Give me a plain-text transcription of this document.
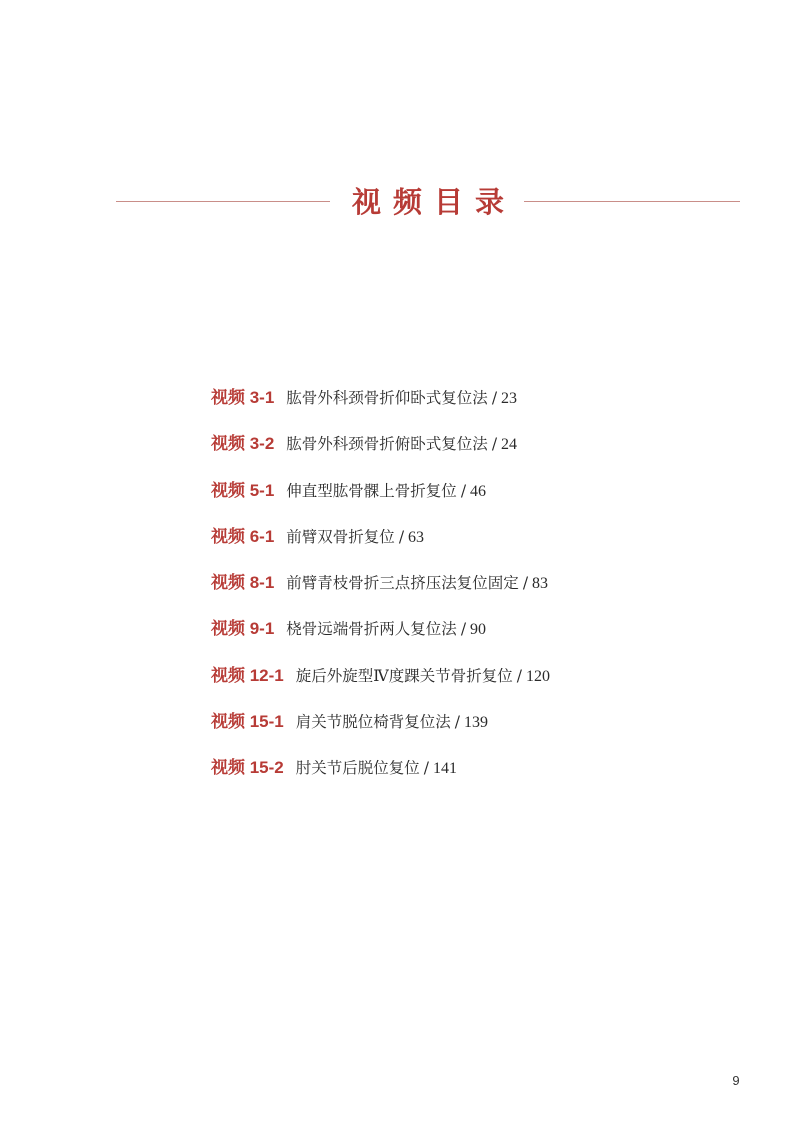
视频目录
视频 3-1 肱骨外科颈骨折仰卧式复位法 / 23
视频 3-2 肱骨外科颈骨折俯卧式复位法 / 24
视频 5-1 伸直型肱骨髁上骨折复位 / 46
视频 6-1 前臂双骨折复位 / 63
视频 8-1 前臂青枝骨折三点挤压法复位固定 / 83
视频 9-1 桡骨远端骨折两人复位法 / 90
视频 12-1 旋后外旋型Ⅳ度踝关节骨折复位 / 120
视频 15-1 肩关节脱位椅背复位法 / 139
视频 15-2 肘关节后脱位复位 / 141
9
